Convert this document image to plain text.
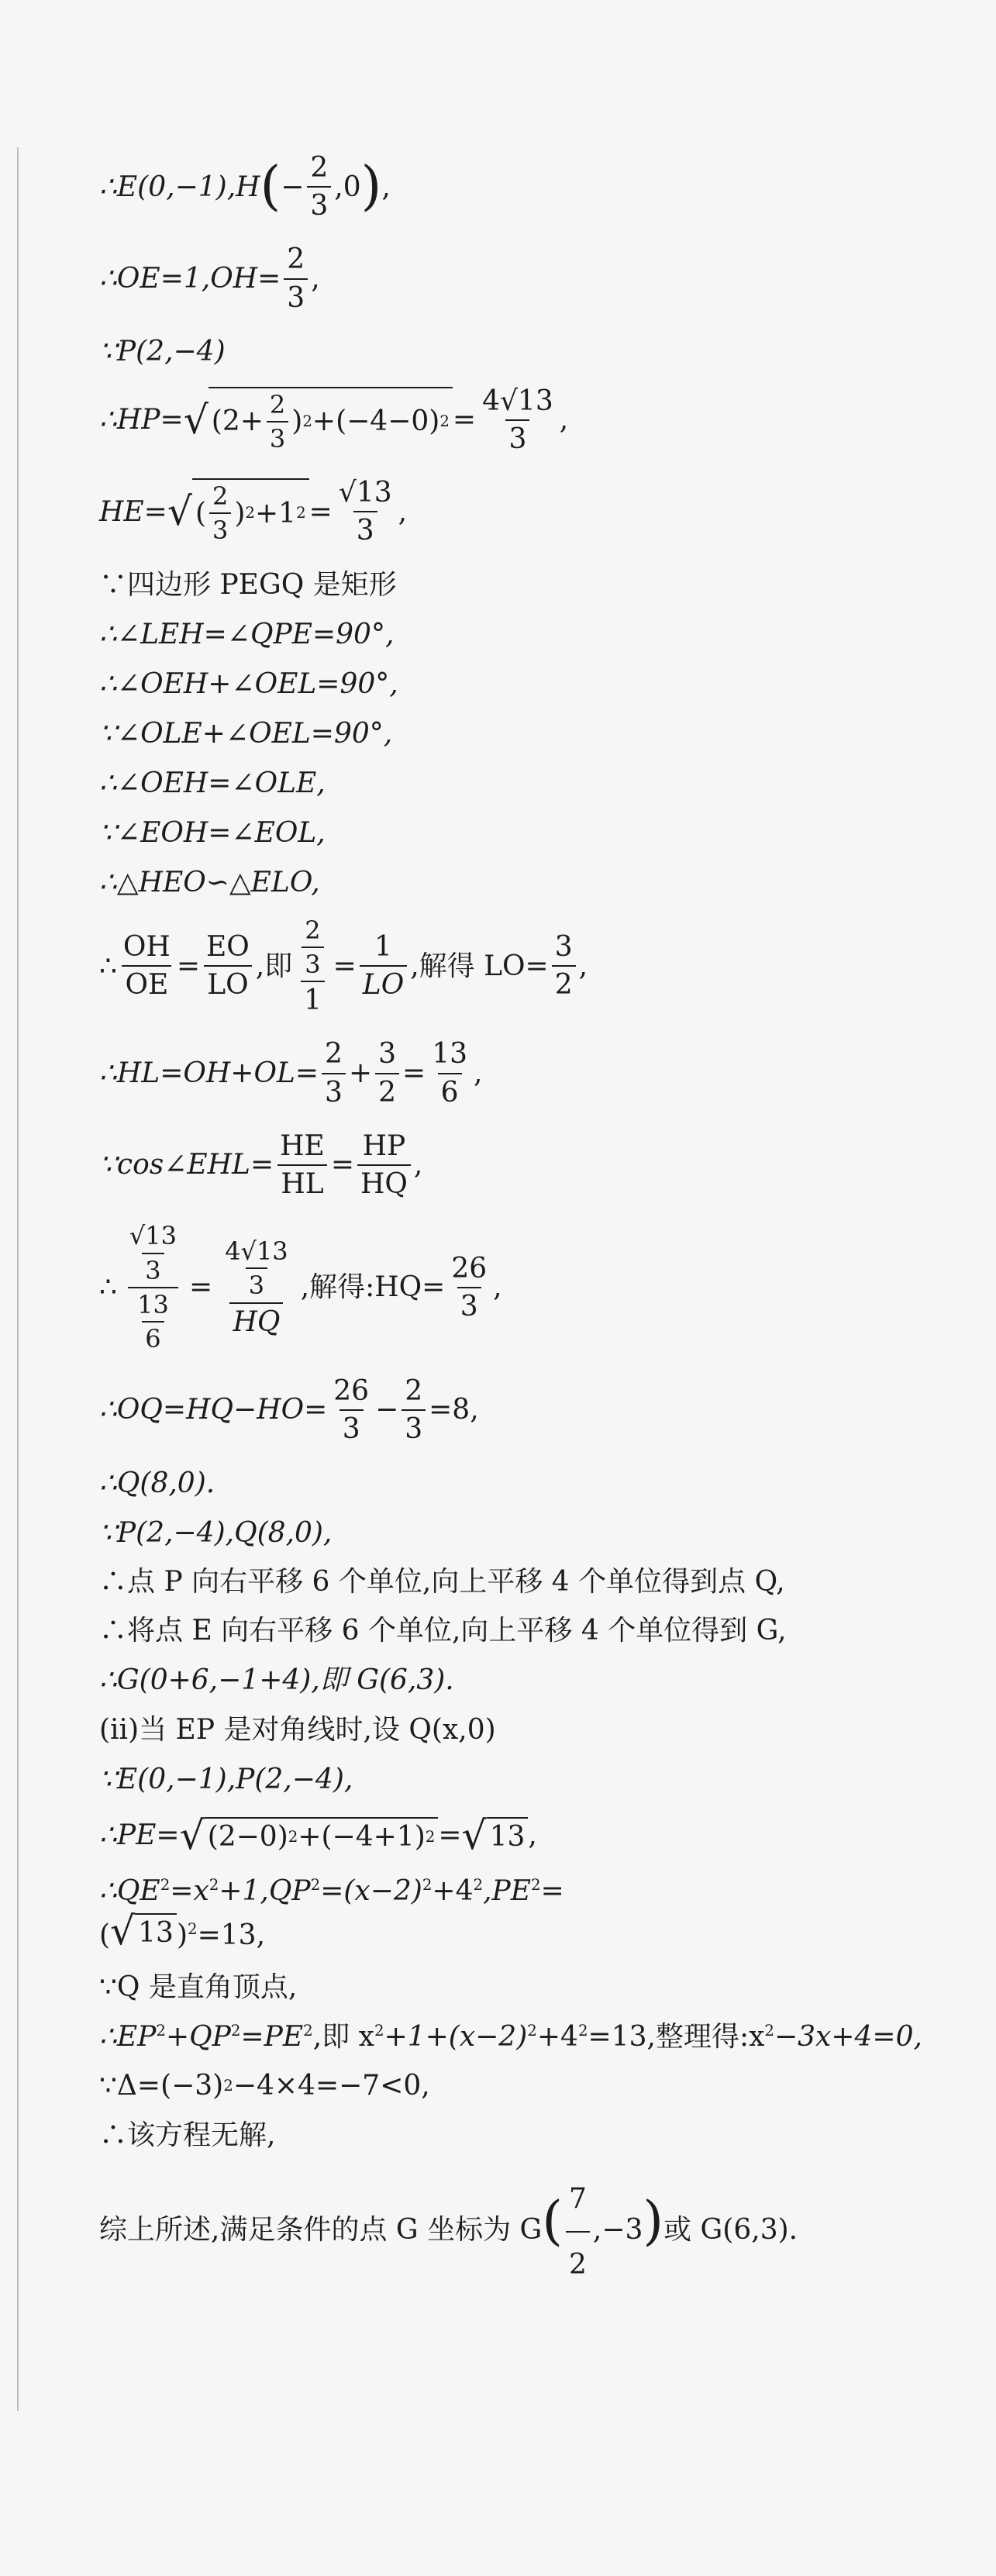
∴E(0,−1),H ( − $\frac{2}{3} ,0$ ) ,
∴OE=1,OH= $\frac{2}{3}$ ,
∵P(2,−4)
∴HP= √ ($2+ \frac{2}{3}$ ) 2 +(−4−0) $2 = \frac{4√13}{3}$ ,
HE= √ ( $\frac{2}{3}$ ) 2 +1 $2 = \frac{√13}{3}$ ,
∵四边形 PEGQ 是矩形
∴∠LEH=∠QPE=90°,
∴∠OEH+∠OEL=90°,
∵∠OLE+∠OEL=90°,
∴∠OEH=∠OLE,
∵∠EOH=∠EOL,
∴△HEO∽△ELO,
∴ $\frac{OH}{OE} = \frac{EO}{LO}$ ,即 $\frac{\frac{2}{3}}{1} = \frac{1}{LO}$ ,解得 $LO= \frac{3}{2}$ ,
∴HL=OH+OL= $\frac{2}{3} + \frac{3}{2} = \frac{13}{6}$ ,
∵cos∠EHL= $\frac{HE}{HL} = \frac{HP}{HQ}$ ,
∴ $\frac{\frac{√13}{3}}{\frac{13}{6}} = \frac{\frac{4√13}{3}}{HQ}$ ,解得:HQ= $\frac{26}{3}$ ,
∴OQ=HQ−HO= $\frac{26}{3} - \frac{2}{3} =8$,
∴Q(8,0).
∵P(2,−4),Q(8,0),
∴点 P 向右平移 6 个单位,向上平移 4 个单位得到点 Q,
∴将点 E 向右平移 6 个单位,向上平移 4 个单位得到 G,
∴G(0+6,−1+4),即 G(6,3).
(ii)当 EP 是对角线时,设 Q(x,0)
∵E(0,−1),P(2,−4),
∴PE= √ (2−0) 2 +(−4+1) 2 = √ 13 ,
$\therefore QE^2=x^2+1,QP^2=(x-2)^2+4^2,PE^2=$
( √ 13 )$^2$=13,
∵Q 是直角顶点,
$\therefore EP^2+QP^2=PE^2$,即 $x^2+1+(x-2)^2+4^2=13$,整理得$:x^2-3x+4=0$,
∵Δ=(−3) 2 −4×4=−7<0,
∴该方程无解,
综上所述,满足条件的点 G 坐标为 $G( \frac{7}{2} ,-3)$或 G(6,3).
